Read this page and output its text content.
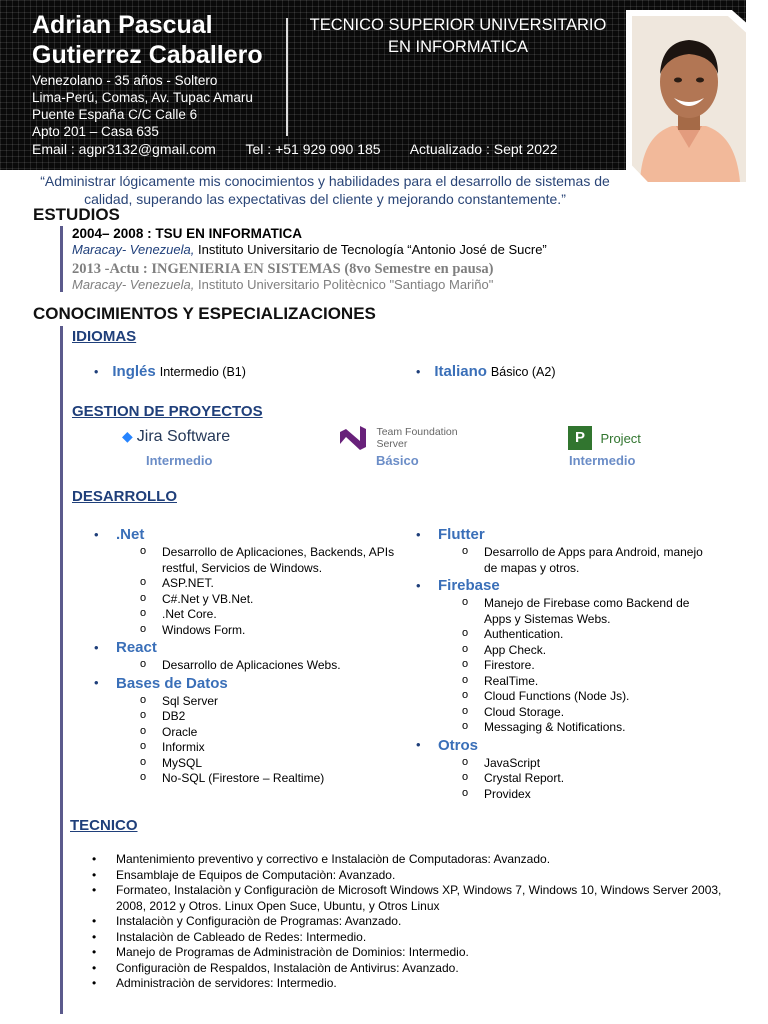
Adrian Pascual
Gutierrez Caballero
Venezolano - 35 años - Soltero
Lima-Perú, Comas, Av. Tupac Amaru
Puente España C/C Calle 6
Apto 201 – Casa 635
Email : agpr3132@gmail.com Tel : +51 929 090 185 Actualizado : Sept 2022
TECNICO SUPERIOR UNIVERSITARIO
EN INFORMATICA
“Administrar lógicamente mis conocimientos y habilidades para el desarrollo de sistemas de calidad, superando las expectativas del cliente y mejorando constantemente.”
ESTUDIOS
2004– 2008 : TSU EN INFORMATICA
Maracay- Venezuela, Instituto Universitario de Tecnología “Antonio José de Sucre”
2013 -Actu : INGENIERIA EN SISTEMAS (8vo Semestre en pausa)
Maracay- Venezuela, Instituto Universitario Politècnico "Santiago Mariño"
CONOCIMIENTOS Y ESPECIALIZACIONES
IDIOMAS
• Inglés Intermedio (B1)	• Italiano Básico (A2)
GESTION DE PROYECTOS
◆ Jira Software
Intermedio
Team Foundation
Server
Básico
P Project
Intermedio
DESARROLLO
•	.Net
o Desarrollo de Aplicaciones, Backends, APIs restful, Servicios de Windows.
o ASP.NET.
o C#.Net y VB.Net.
o .Net Core.
o Windows Form.
•	React
o Desarrollo de Aplicaciones Webs.
•	Bases de Datos
o Sql Server
o DB2
o Oracle
o Informix
o MySQL
o No-SQL (Firestore – Realtime)
•	Flutter
o Desarrollo de Apps para Android, manejo de mapas y otros.
•	Firebase
o Manejo de Firebase como Backend de Apps y Sistemas Webs.
o Authentication.
o App Check.
o Firestore.
o RealTime.
o Cloud Functions (Node Js).
o Cloud Storage.
o Messaging & Notifications.
•	Otros
o JavaScript
o Crystal Report.
o Providex
TECNICO
• Mantenimiento preventivo y correctivo e Instalaciòn de Computadoras: Avanzado.
• Ensamblaje de Equipos de Computaciòn: Avanzado.
• Formateo, Instalaciòn y Configuraciòn de Microsoft Windows XP, Windows 7, Windows 10, Windows Server 2003, 2008, 2012 y Otros. Linux Open Suce, Ubuntu, y Otros Linux
• Instalaciòn y Configuraciòn de Programas: Avanzado.
• Instalaciòn de Cableado de Redes: Intermedio.
• Manejo de Programas de Administraciòn de Dominios: Intermedio.
• Configuraciòn de Respaldos, Instalaciòn de Antivirus: Avanzado.
• Administraciòn de servidores: Intermedio.
